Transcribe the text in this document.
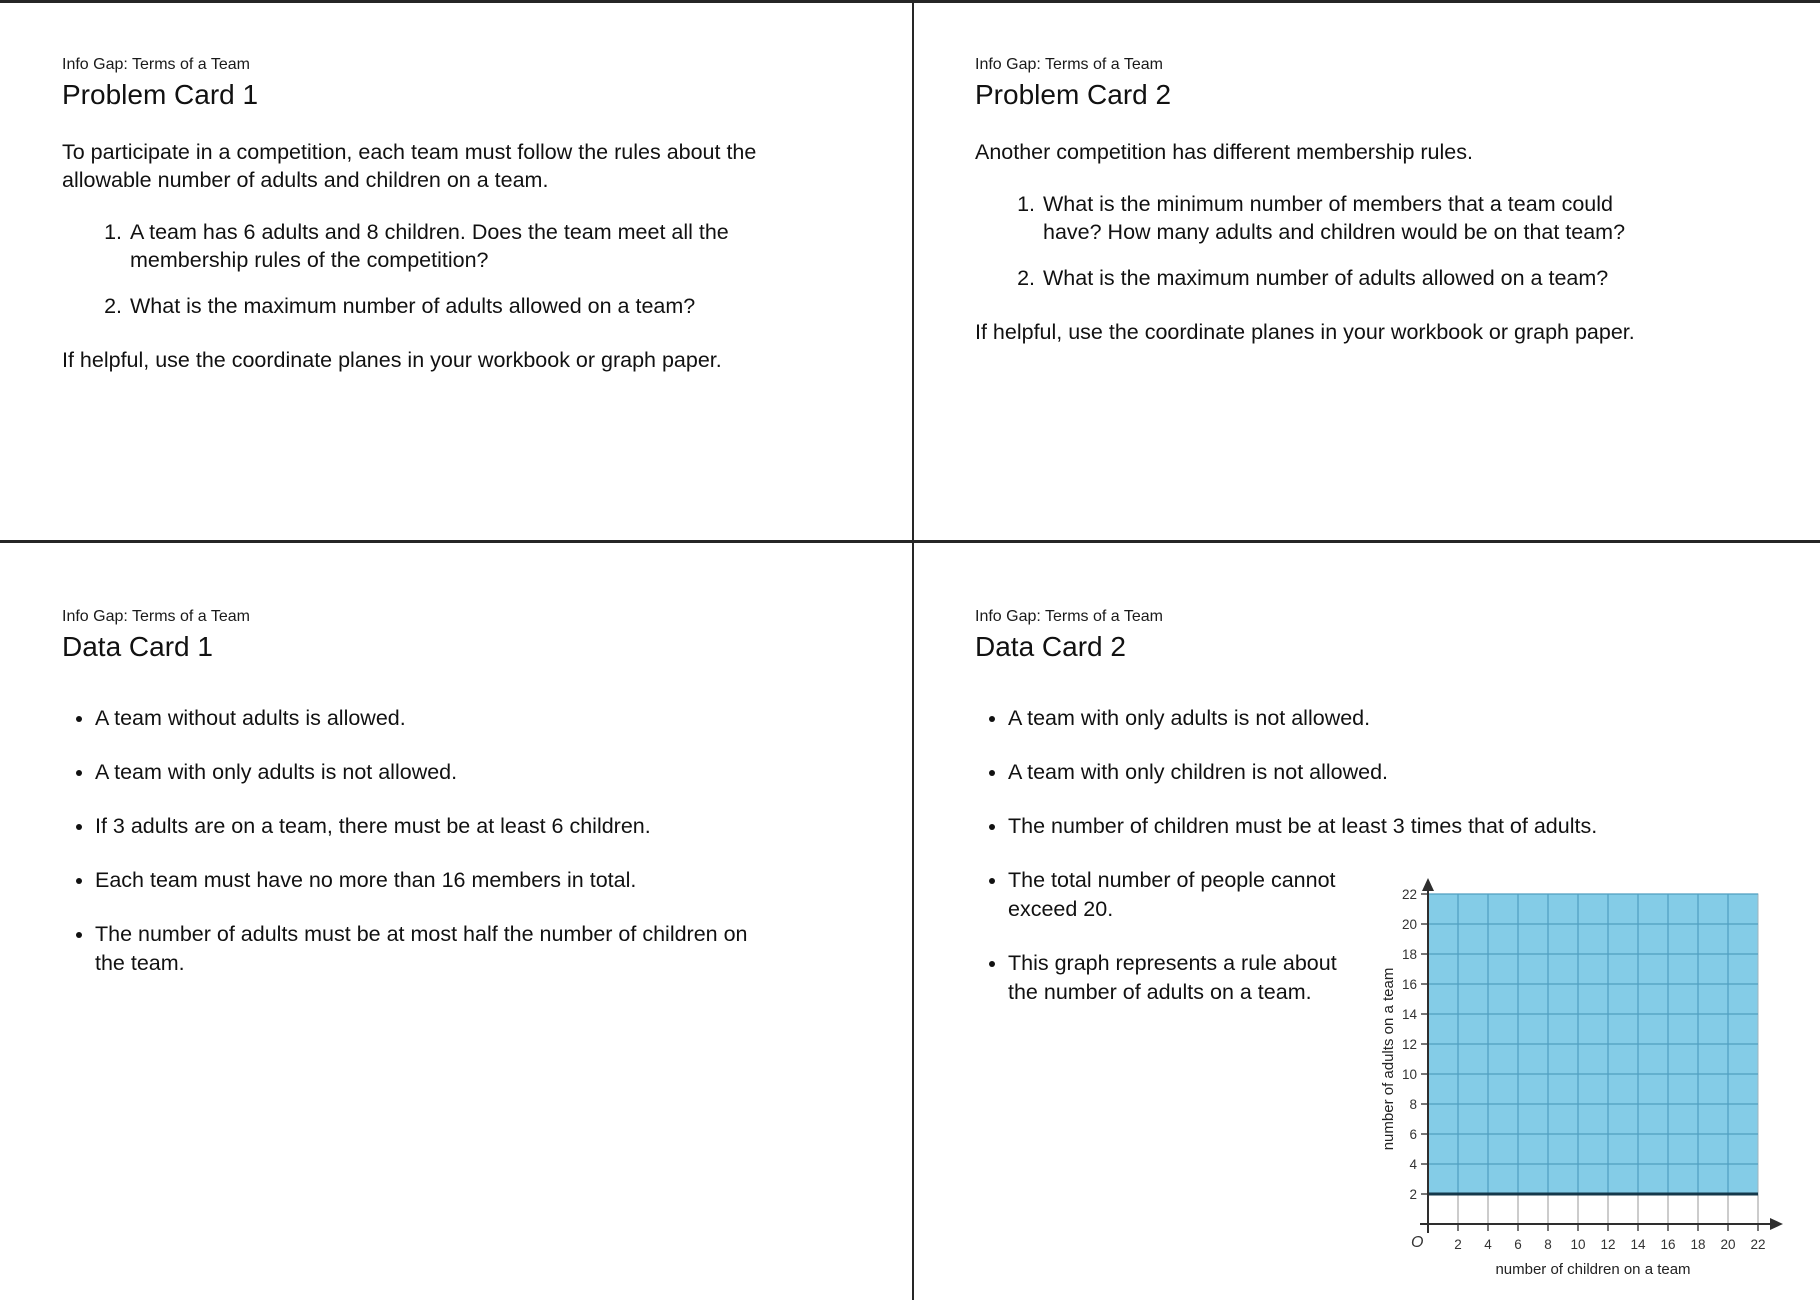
Info Gap: Terms of a Team

Problem Card 1

To participate in a competition, each team must follow the rules about the allowable number of adults and children on a team.

1. A team has 6 adults and 8 children. Does the team meet all the membership rules of the competition?
2. What is the maximum number of adults allowed on a team?

If helpful, use the coordinate planes in your workbook or graph paper.

Info Gap: Terms of a Team

Problem Card 2

Another competition has different membership rules.

1. What is the minimum number of members that a team could have? How many adults and children would be on that team?
2. What is the maximum number of adults allowed on a team?

If helpful, use the coordinate planes in your workbook or graph paper.

Info Gap: Terms of a Team

Data Card 1
• A team without adults is allowed.
• A team with only adults is not allowed.
• If 3 adults are on a team, there must be at least 6 children.
• Each team must have no more than 16 members in total.
• The number of adults must be at most half the number of children on the team.

Info Gap: Terms of a Team

Data Card 2
• A team with only adults is not allowed.
• A team with only children is not allowed.
• The number of children must be at least 3 times that of adults.
• The total number of people cannot exceed 20.
• This graph represents a rule about the number of adults on a team.
2 4 6 8 10 12 14 16 18 20 22
2
4
6
8
10
12
14
16
18
20
22
O
number of children on a team
number of adults on a team
